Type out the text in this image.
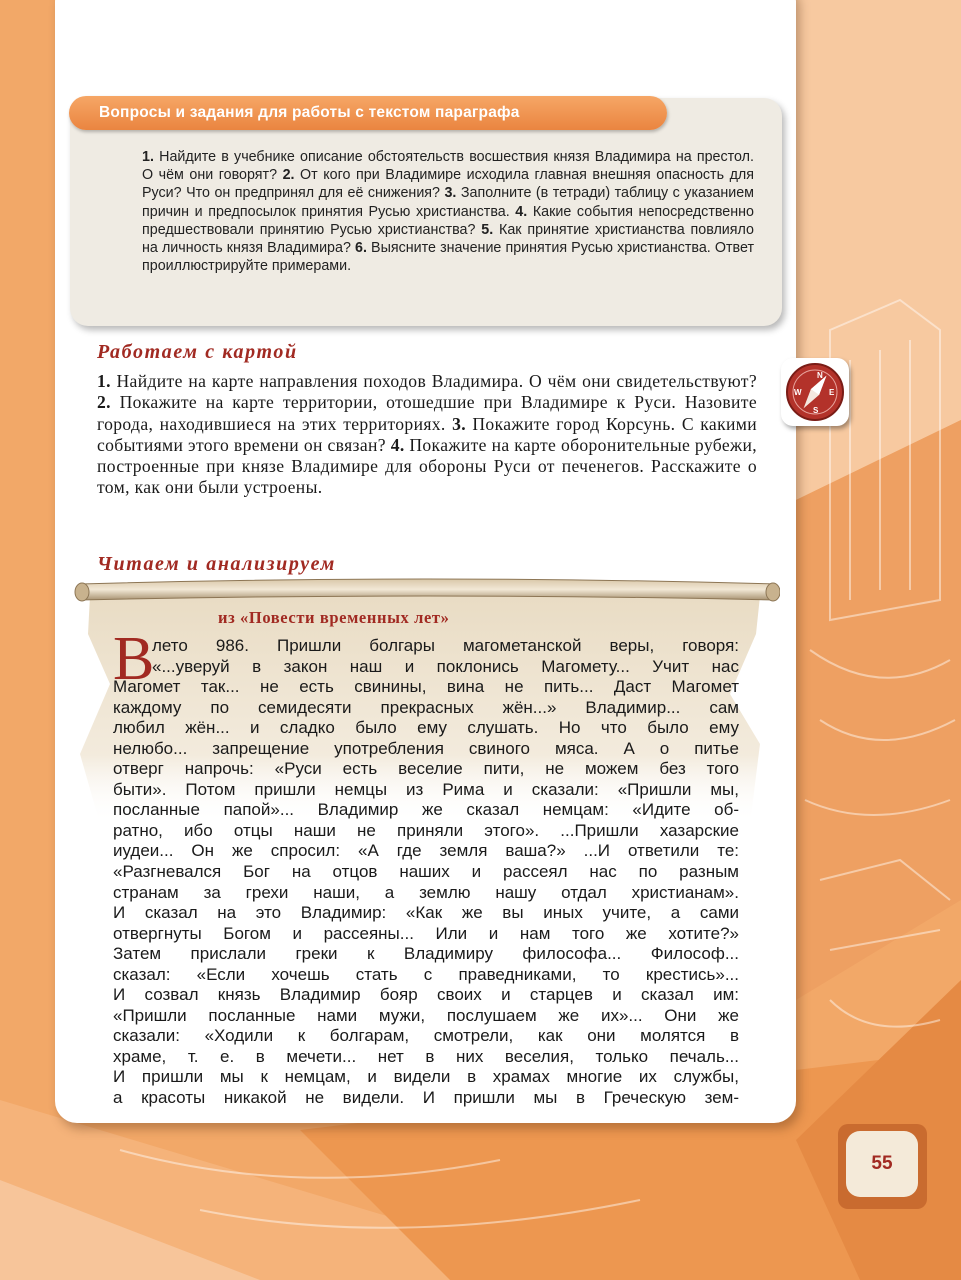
Вопросы и задания для работы с текстом параграфа
1. Найдите в учебнике описание обстоятельств восшествия князя Владимира на престол. О чём они говорят? 2. От кого при Владимире исходила главная внешняя опасность для Руси? Что он предпринял для её снижения? 3. Заполните (в тетради) таблицу с указанием причин и предпосылок принятия Русью христианства. 4. Какие события непосредственно предшествовали принятию Русью христианства? 5. Как принятие христианства повлияло на личность князя Владимира? 6. Выясните значение принятия Русью христианства. Ответ проиллюстрируйте примерами.
Работаем с картой
1. Найдите на карте направления походов Владимира. О чём они свидетельствуют? 2. Покажите на карте территории, отошедшие при Владимире к Руси. Назовите города, находившиеся на этих территориях. 3. Покажите город Корсунь. С какими событиями этого времени он связан? 4. Покажите на карте оборонительные рубежи, построенные при князе Владимире для обороны Руси от печенегов. Расскажите о том, как они были устроены.
N
E
S
W
Читаем и анализируем
из «Повести временных лет»
В
лето 986. Пришли болгары магометанской веры, говоря:
«...уверуй в закон наш и поклонись Магомету... Учит нас
Магомет так... не есть свинины, вина не пить... Даст Магомет
каждому по семидесяти прекрасных жён...» Владимир... сам
любил жён... и сладко было ему слушать. Но что было ему
нелюбо... запрещение употребления свиного мяса. А о питье
отверг напрочь: «Руси есть веселие пити, не можем без того
быти». Потом пришли немцы из Рима и сказали: «Пришли мы,
посланные папой»... Владимир же сказал немцам: «Идите об-
ратно, ибо отцы наши не приняли этого». ...Пришли хазарские
иудеи... Он же спросил: «А где земля ваша?» ...И ответили те:
«Разгневался Бог на отцов наших и рассеял нас по разным
странам за грехи наши, а землю нашу отдал христианам».
И сказал на это Владимир: «Как же вы иных учите, а сами
отвергнуты Богом и рассеяны... Или и нам того же хотите?»
Затем прислали греки к Владимиру философа... Философ...
сказал: «Если хочешь стать с праведниками, то крестись»...
И созвал князь Владимир бояр своих и старцев и сказал им:
«Пришли посланные нами мужи, послушаем же их»... Они же
сказали: «Ходили к болгарам, смотрели, как они молятся в
храме, т. е. в мечети... нет в них веселия, только печаль...
И пришли мы к немцам, и видели в храмах многие их службы,
а красоты никакой не видели. И пришли мы в Греческую зем-
55
